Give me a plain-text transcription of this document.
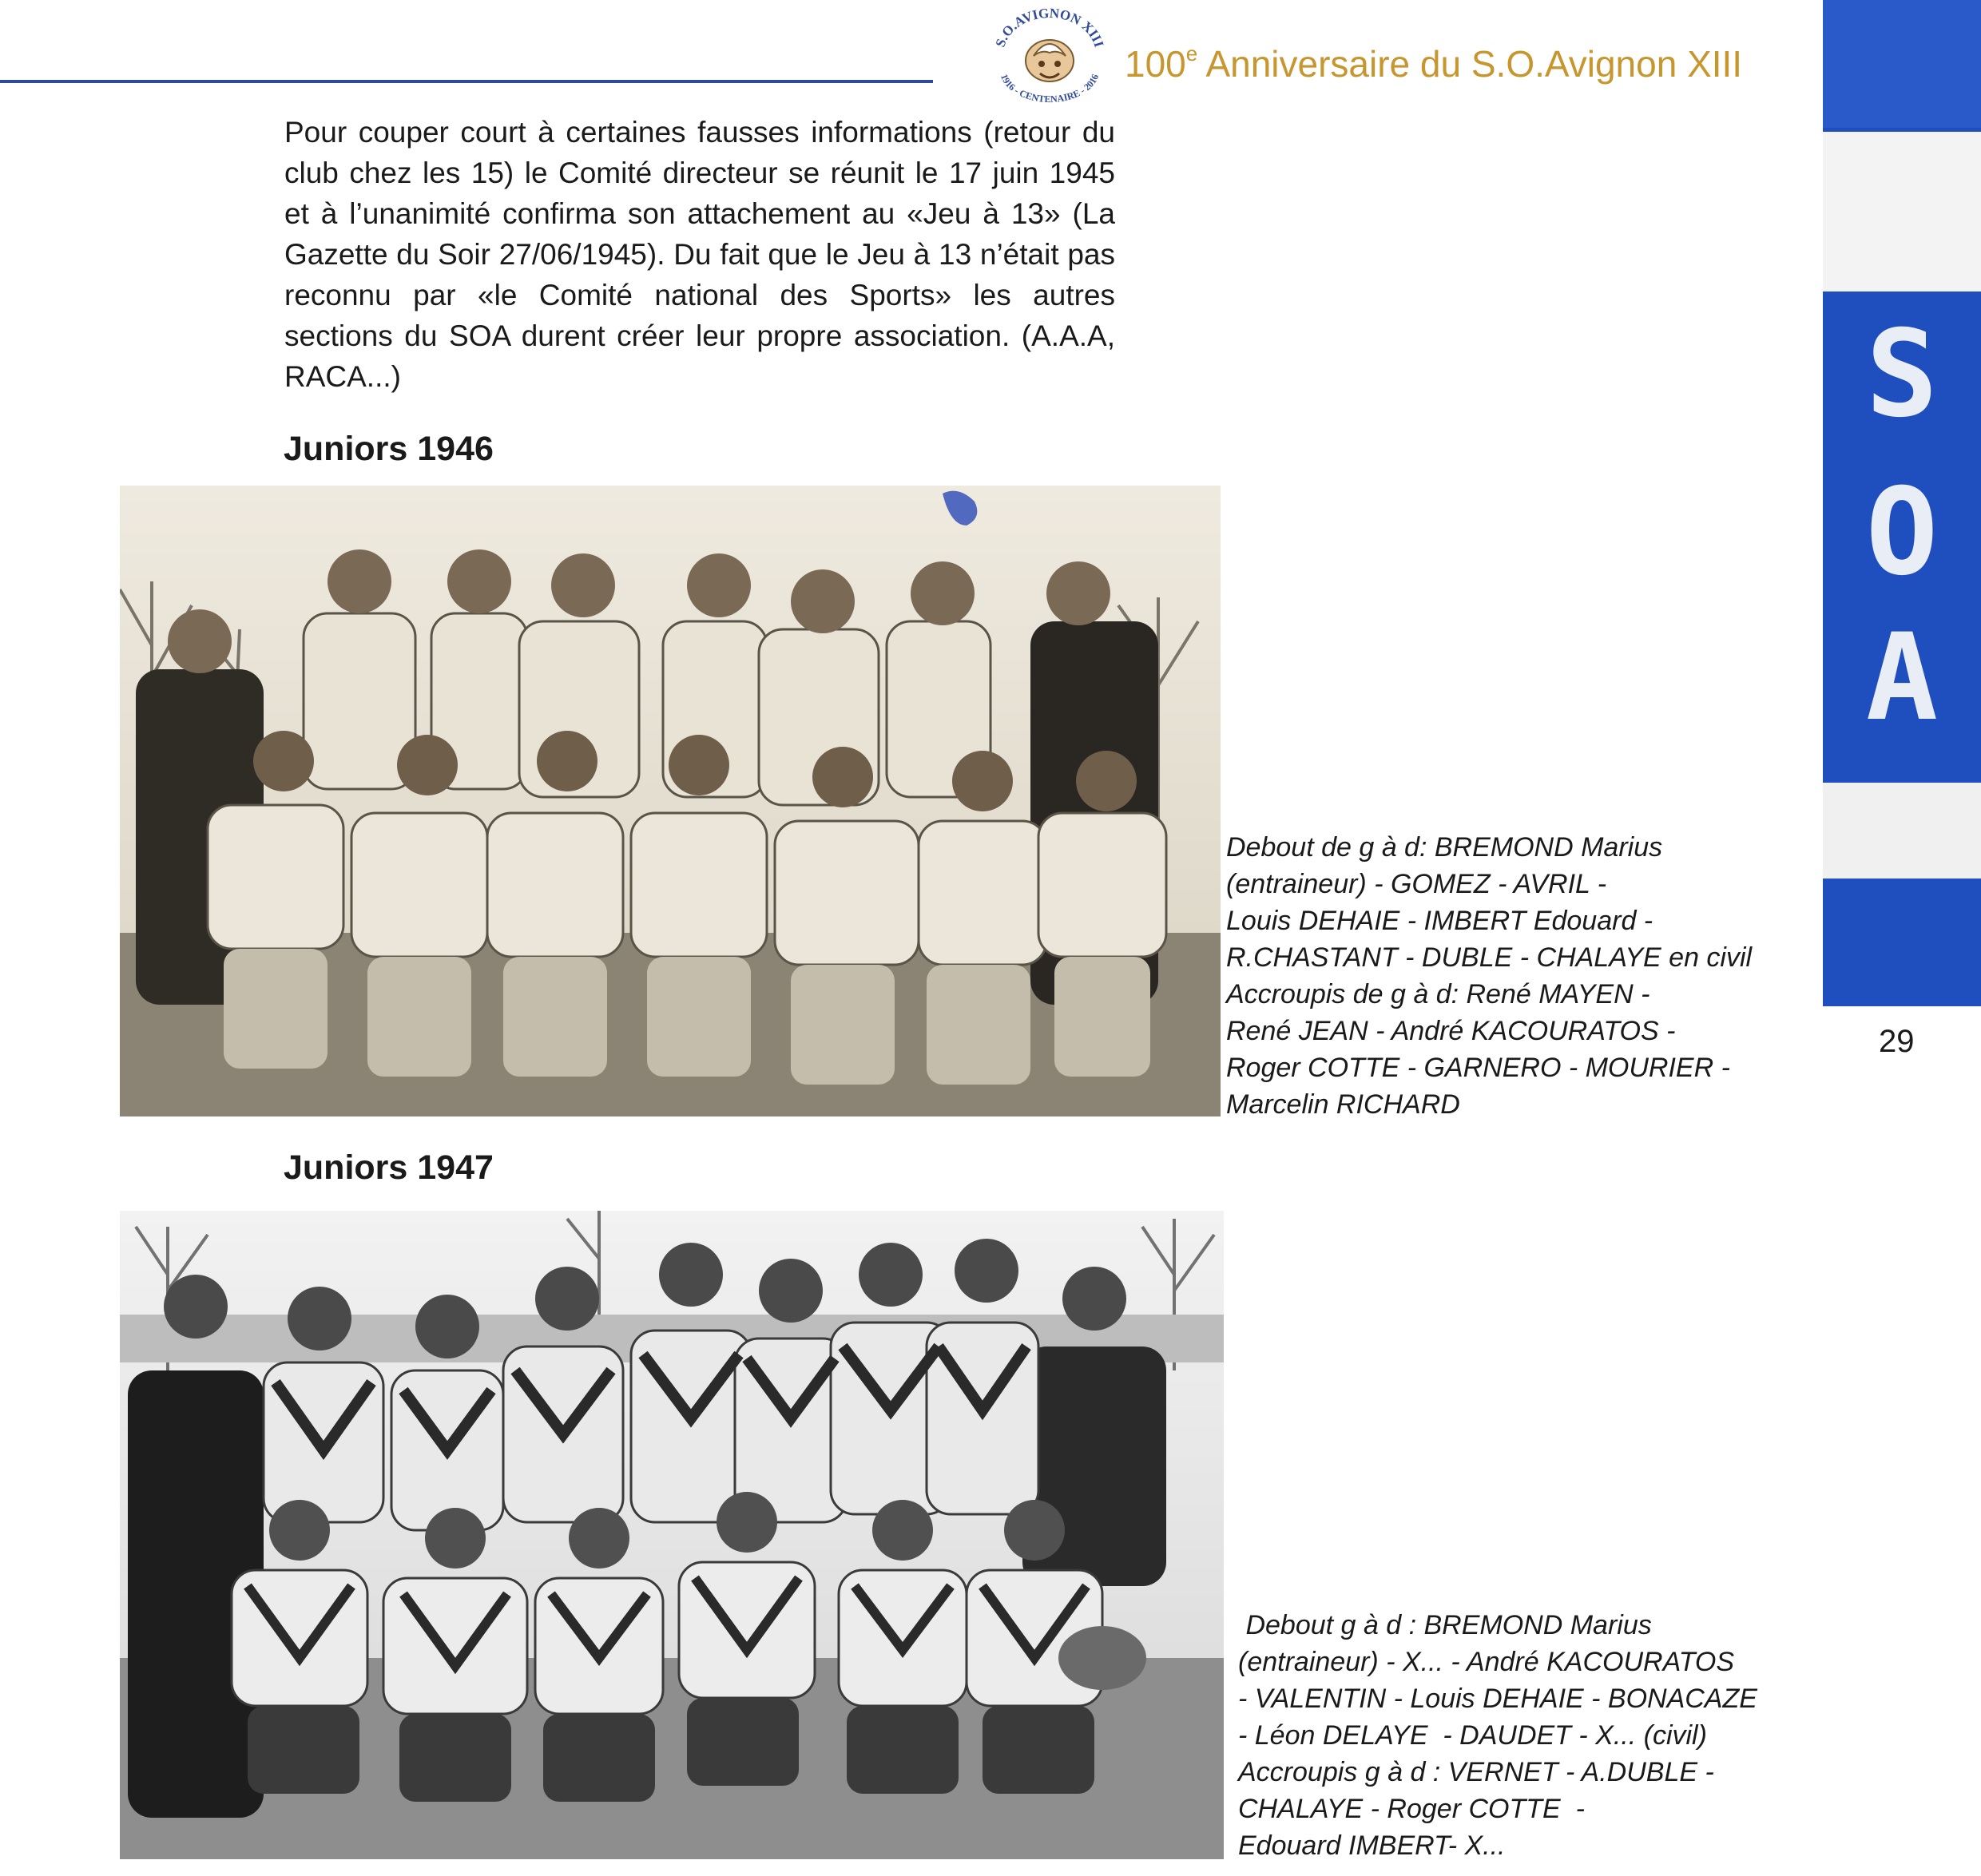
S.O.AVIGNON XIII
1916 - CENTENAIRE - 2016 100e Anniversaire du S.O.Avignon XIII
S
O
A
29
Pour couper court à certaines fausses informations (retour du club chez les 15) le Comité directeur se réunit le 17 juin 1945 et à l’unanimité confirma son attachement au «Jeu à 13» (La Gazette du Soir 27/06/1945). Du fait que le Jeu à 13 n’était pas reconnu par «le Comité national des Sports» les autres sections du SOA durent créer leur propre association. (A.A.A, RACA...)
Juniors 1946
Debout de g à d: BREMOND Marius
(entraineur) - GOMEZ - AVRIL -
Louis DEHAIE - IMBERT Edouard -
R.CHASTANT - DUBLE - CHALAYE en civil
Accroupis de g à d: René MAYEN -
René JEAN - André KACOURATOS -
Roger COTTE - GARNERO - MOURIER -
Marcelin RICHARD
Juniors 1947
Debout g à d : BREMOND Marius
(entraineur) - X... - André KACOURATOS
- VALENTIN - Louis DEHAIE - BONACAZE
- Léon DELAYE  - DAUDET - X... (civil)
Accroupis g à d : VERNET - A.DUBLE -
CHALAYE - Roger COTTE  -
Edouard IMBERT- X...
